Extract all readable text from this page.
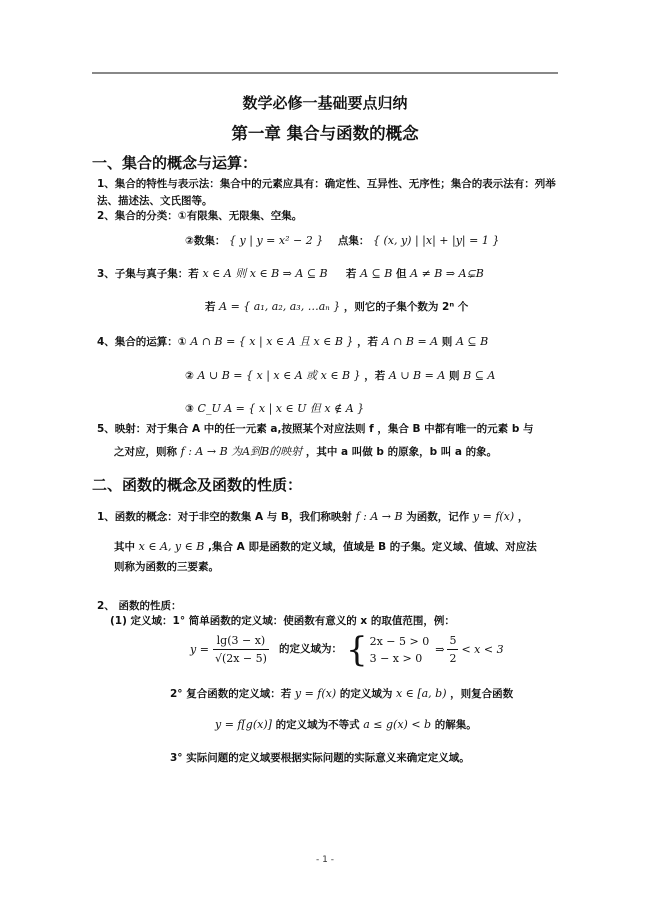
数学必修一基础要点归纳
第一章 集合与函数的概念
一、集合的概念与运算：
1、集合的特性与表示法：集合中的元素应具有：确定性、互异性、无序性；集合的表示法有：列举法、描述法、文氏图等。
2、集合的分类：①有限集、无限集、空集。
②数集： { y | y = x² − 2 } 点集： { (x, y) | |x| + |y| = 1 }
3、子集与真子集：若 x ∈ A 则 x ∈ B ⇒ A ⊆ B 若 A ⊆ B 但 A ≠ B ⇒ A⊊B
若 A = { a₁, a₂, a₃, …aₙ } ，则它的子集个数为 2ⁿ 个
4、集合的运算：① A ∩ B = { x | x ∈ A 且 x ∈ B } ，若 A ∩ B = A 则 A ⊆ B
② A ∪ B = { x | x ∈ A 或 x ∈ B } ，若 A ∪ B = A 则 B ⊆ A
③ C_U A = { x | x ∈ U 但 x ∉ A }
5、映射：对于集合 A 中的任一元素 a,按照某个对应法则 f ，集合 B 中都有唯一的元素 b 与
之对应，则称 f : A → B 为A到B的映射 ，其中 a 叫做 b 的原象，b 叫 a 的象。
二、函数的概念及函数的性质：
1、函数的概念：对于非空的数集 A 与 B，我们称映射 f : A → B 为函数，记作 y = f(x) ，
其中 x ∈ A, y ∈ B ,集合 A 即是函数的定义域，值域是 B 的子集。定义域、值域、对应法
则称为函数的三要素。
2、 函数的性质：
(1) 定义域：1° 简单函数的定义域：使函数有意义的 x 的取值范围，例：
$y = \frac{\lg(3 - x)}{√(2x - 5)}$ 的定义域为： { 2x − 5 > 0
3 − x > 0
⇒ $\frac{5}{2} < x < 3$
2° 复合函数的定义域：若 y = f(x) 的定义域为 x ∈ [a, b) ，则复合函数
y = f[g(x)] 的定义域为不等式 a ≤ g(x) < b 的解集。
3° 实际问题的定义域要根据实际问题的实际意义来确定定义域。
- 1 -
